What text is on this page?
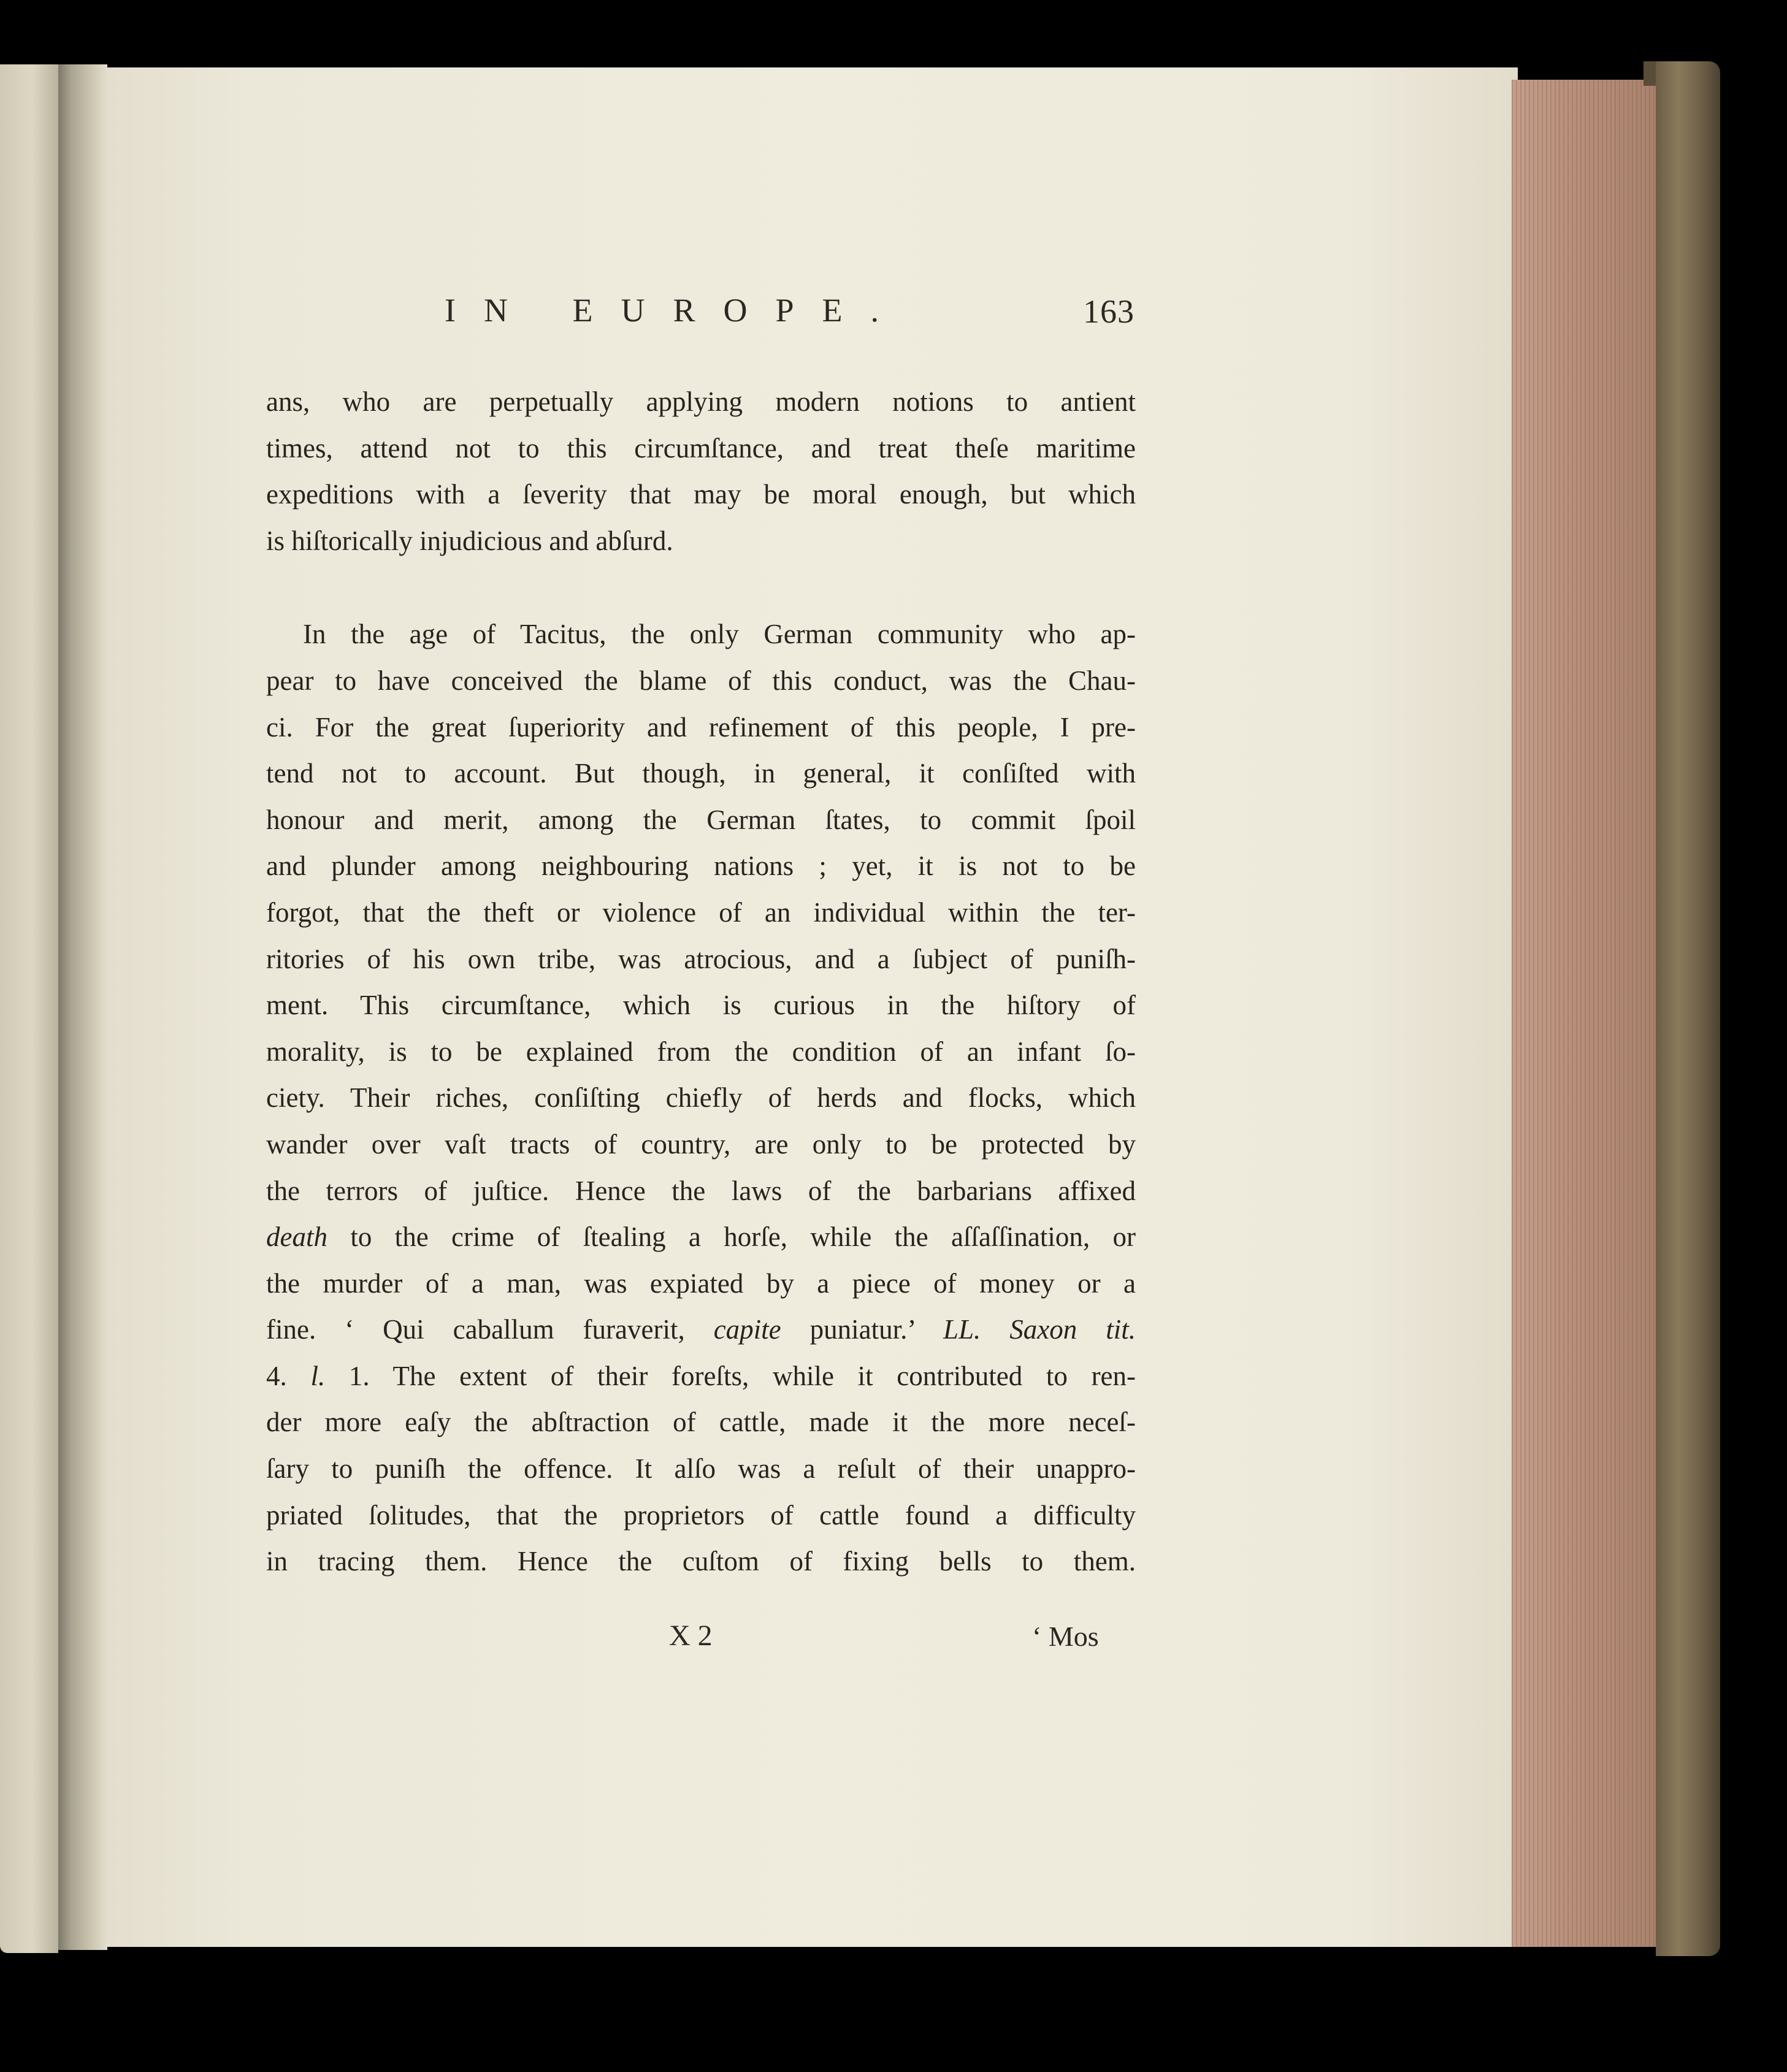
IN EUROPE.	163
ans, who are perpetually applying modern notions to antient
times, attend not to this circumſtance, and treat theſe maritime
expeditions with a ſeverity that may be moral enough, but which
is hiſtorically injudicious and abſurd.
In the age of Tacitus, the only German community who ap-
pear to have conceived the blame of this conduct, was the Chau-
ci. For the great ſuperiority and refinement of this people, I pre-
tend not to account. But though, in general, it conſiſted with
honour and merit, among the German ſtates, to commit ſpoil
and plunder among neighbouring nations ; yet, it is not to be
forgot, that the theft or violence of an individual within the ter-
ritories of his own tribe, was atrocious, and a ſubject of puniſh-
ment. This circumſtance, which is curious in the hiſtory of
morality, is to be explained from the condition of an infant ſo-
ciety. Their riches, conſiſting chiefly of herds and flocks, which
wander over vaſt tracts of country, are only to be protected by
the terrors of juſtice. Hence the laws of the barbarians affixed
death to the crime of ſtealing a horſe, while the aſſaſſination, or
the murder of a man, was expiated by a piece of money or a
fine. ‘ Qui caballum furaverit, capite puniatur.’ LL. Saxon tit.
4. l. 1. The extent of their foreſts, while it contributed to ren-
der more eaſy the abſtraction of cattle, made it the more neceſ-
ſary to puniſh the offence. It alſo was a reſult of their unappro-
priated ſolitudes, that the proprietors of cattle found a difficulty
in tracing them. Hence the cuſtom of fixing bells to them.
X 2	‘ Mos
